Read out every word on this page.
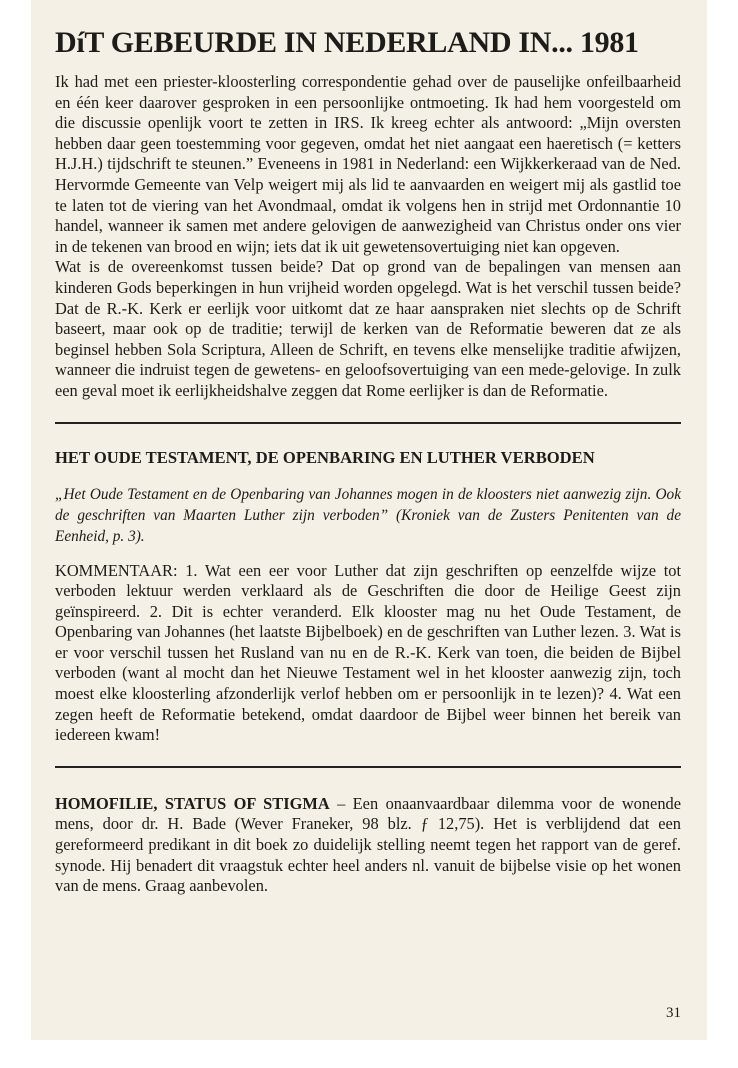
DíT GEBEURDE IN NEDERLAND IN... 1981

Ik had met een priester-kloosterling correspondentie gehad over de pauselijke onfeilbaarheid en één keer daarover gesproken in een persoonlijke ontmoeting. Ik had hem voorgesteld om die discussie openlijk voort te zetten in IRS. Ik kreeg echter als antwoord: „Mijn oversten hebben daar geen toestemming voor gegeven, omdat het niet aangaat een haeretisch (= ketters H.J.H.) tijdschrift te steunen.” Eveneens in 1981 in Nederland: een Wijkkerkeraad van de Ned. Hervormde Gemeente van Velp weigert mij als lid te aanvaarden en weigert mij als gastlid toe te laten tot de viering van het Avondmaal, omdat ik volgens hen in strijd met Ordonnantie 10 handel, wanneer ik samen met andere gelovigen de aanwezigheid van Christus onder ons vier in de tekenen van brood en wijn; iets dat ik uit gewetensovertuiging niet kan opgeven.

Wat is de overeenkomst tussen beide? Dat op grond van de bepalingen van mensen aan kinderen Gods beperkingen in hun vrijheid worden opgelegd. Wat is het verschil tussen beide? Dat de R.-K. Kerk er eerlijk voor uitkomt dat ze haar aanspraken niet slechts op de Schrift baseert, maar ook op de traditie; terwijl de kerken van de Reformatie beweren dat ze als beginsel hebben Sola Scriptura, Alleen de Schrift, en tevens elke menselijke traditie afwijzen, wanneer die indruist tegen de gewetens- en geloofsovertuiging van een mede-gelovige. In zulk een geval moet ik eerlijkheidshalve zeggen dat Rome eerlijker is dan de Reformatie.

HET OUDE TESTAMENT, DE OPENBARING EN LUTHER VERBODEN

„Het Oude Testament en de Openbaring van Johannes mogen in de kloosters niet aanwezig zijn. Ook de geschriften van Maarten Luther zijn verboden” (Kroniek van de Zusters Penitenten van de Eenheid, p. 3).

KOMMENTAAR: 1. Wat een eer voor Luther dat zijn geschriften op eenzelfde wijze tot verboden lektuur werden verklaard als de Geschriften die door de Heilige Geest zijn geïnspireerd. 2. Dit is echter veranderd. Elk klooster mag nu het Oude Testament, de Openbaring van Johannes (het laatste Bijbelboek) en de geschriften van Luther lezen. 3. Wat is er voor verschil tussen het Rusland van nu en de R.-K. Kerk van toen, die beiden de Bijbel verboden (want al mocht dan het Nieuwe Testament wel in het klooster aanwezig zijn, toch moest elke kloosterling afzonderlijk verlof hebben om er persoonlijk in te lezen)? 4. Wat een zegen heeft de Reformatie betekend, omdat daardoor de Bijbel weer binnen het bereik van iedereen kwam!

HOMOFILIE, STATUS OF STIGMA – Een onaanvaardbaar dilemma voor de wonende mens, door dr. H. Bade (Wever Franeker, 98 blz. ƒ 12,75). Het is verblijdend dat een gereformeerd predikant in dit boek zo duidelijk stelling neemt tegen het rapport van de geref. synode. Hij benadert dit vraagstuk echter heel anders nl. vanuit de bijbelse visie op het wonen van de mens. Graag aanbevolen.

31
